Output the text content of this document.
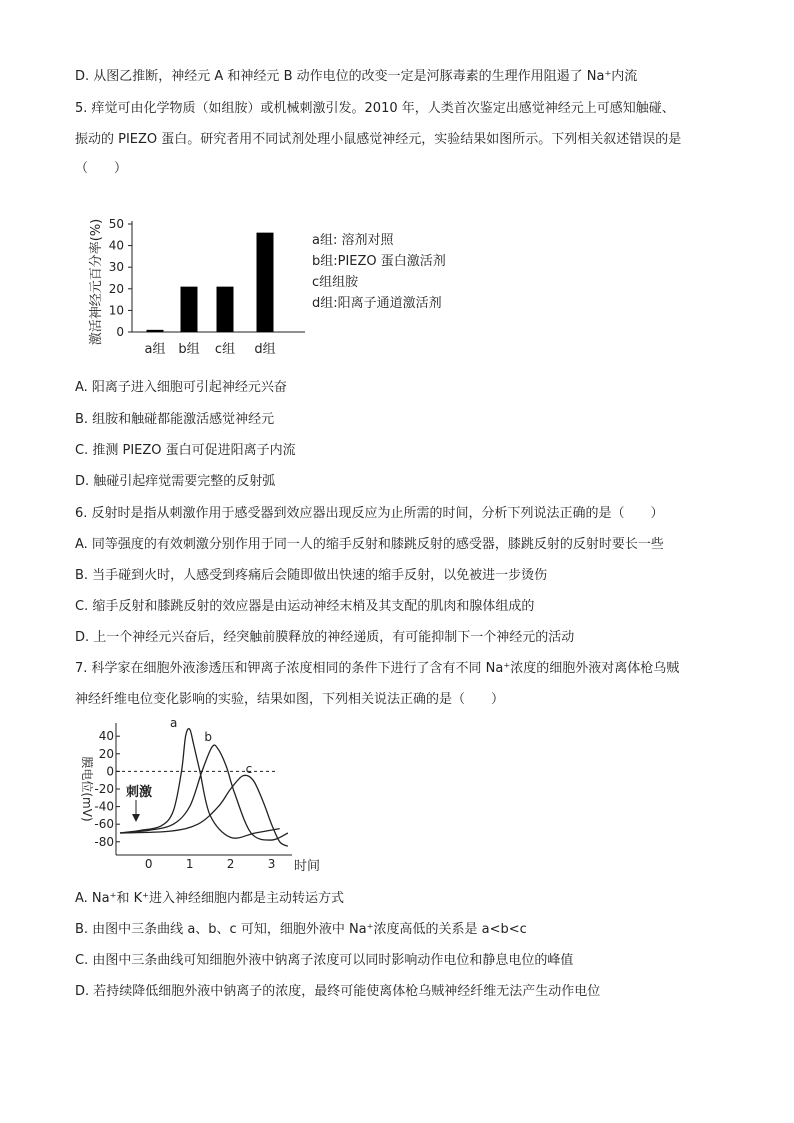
D. 从图乙推断，神经元 A 和神经元 B 动作电位的改变一定是河豚毒素的生理作用阻遏了 Na⁺内流
5. 痒觉可由化学物质（如组胺）或机械刺激引发。2010 年，人类首次鉴定出感觉神经元上可感知触碰、
振动的 PIEZO 蛋白。研究者用不同试剂处理小鼠感觉神经元，实验结果如图所示。下列相关叙述错误的是
（　　）
0
10
20
30
40
50
激活神经元百分率(%)
a组 b组 c组 d组
a组: 溶剂对照
b组:PIEZO 蛋白激活剂
c组组胺
d组:阳离子通道激活剂
A. 阳离子进入细胞可引起神经元兴奋
B. 组胺和触碰都能激活感觉神经元
C. 推测 PIEZO 蛋白可促进阳离子内流
D. 触碰引起痒觉需要完整的反射弧
6. 反射时是指从刺激作用于感受器到效应器出现反应为止所需的时间，分析下列说法正确的是（　　）
A. 同等强度的有效刺激分别作用于同一人的缩手反射和膝跳反射的感受器，膝跳反射的反射时要长一些
B. 当手碰到火时，人感受到疼痛后会随即做出快速的缩手反射，以免被进一步烫伤
C. 缩手反射和膝跳反射的效应器是由运动神经末梢及其支配的肌肉和腺体组成的
D. 上一个神经元兴奋后，经突触前膜释放的神经递质，有可能抑制下一个神经元的活动
7. 科学家在细胞外液渗透压和钾离子浓度相同的条件下进行了含有不同 Na⁺浓度的细胞外液对离体枪乌贼
神经纤维电位变化影响的实验，结果如图，下列相关说法正确的是（　　）
40
20
0
-20
-40
-60
-80
0	1	2	3 时间
膜电位(mV) 刺激
a
b
c
A. Na⁺和 K⁺进入神经细胞内都是主动转运方式
B. 由图中三条曲线 a、b、c 可知，细胞外液中 Na⁺浓度高低的关系是 a<b<c
C. 由图中三条曲线可知细胞外液中钠离子浓度可以同时影响动作电位和静息电位的峰值
D. 若持续降低细胞外液中钠离子的浓度，最终可能使离体枪乌贼神经纤维无法产生动作电位
